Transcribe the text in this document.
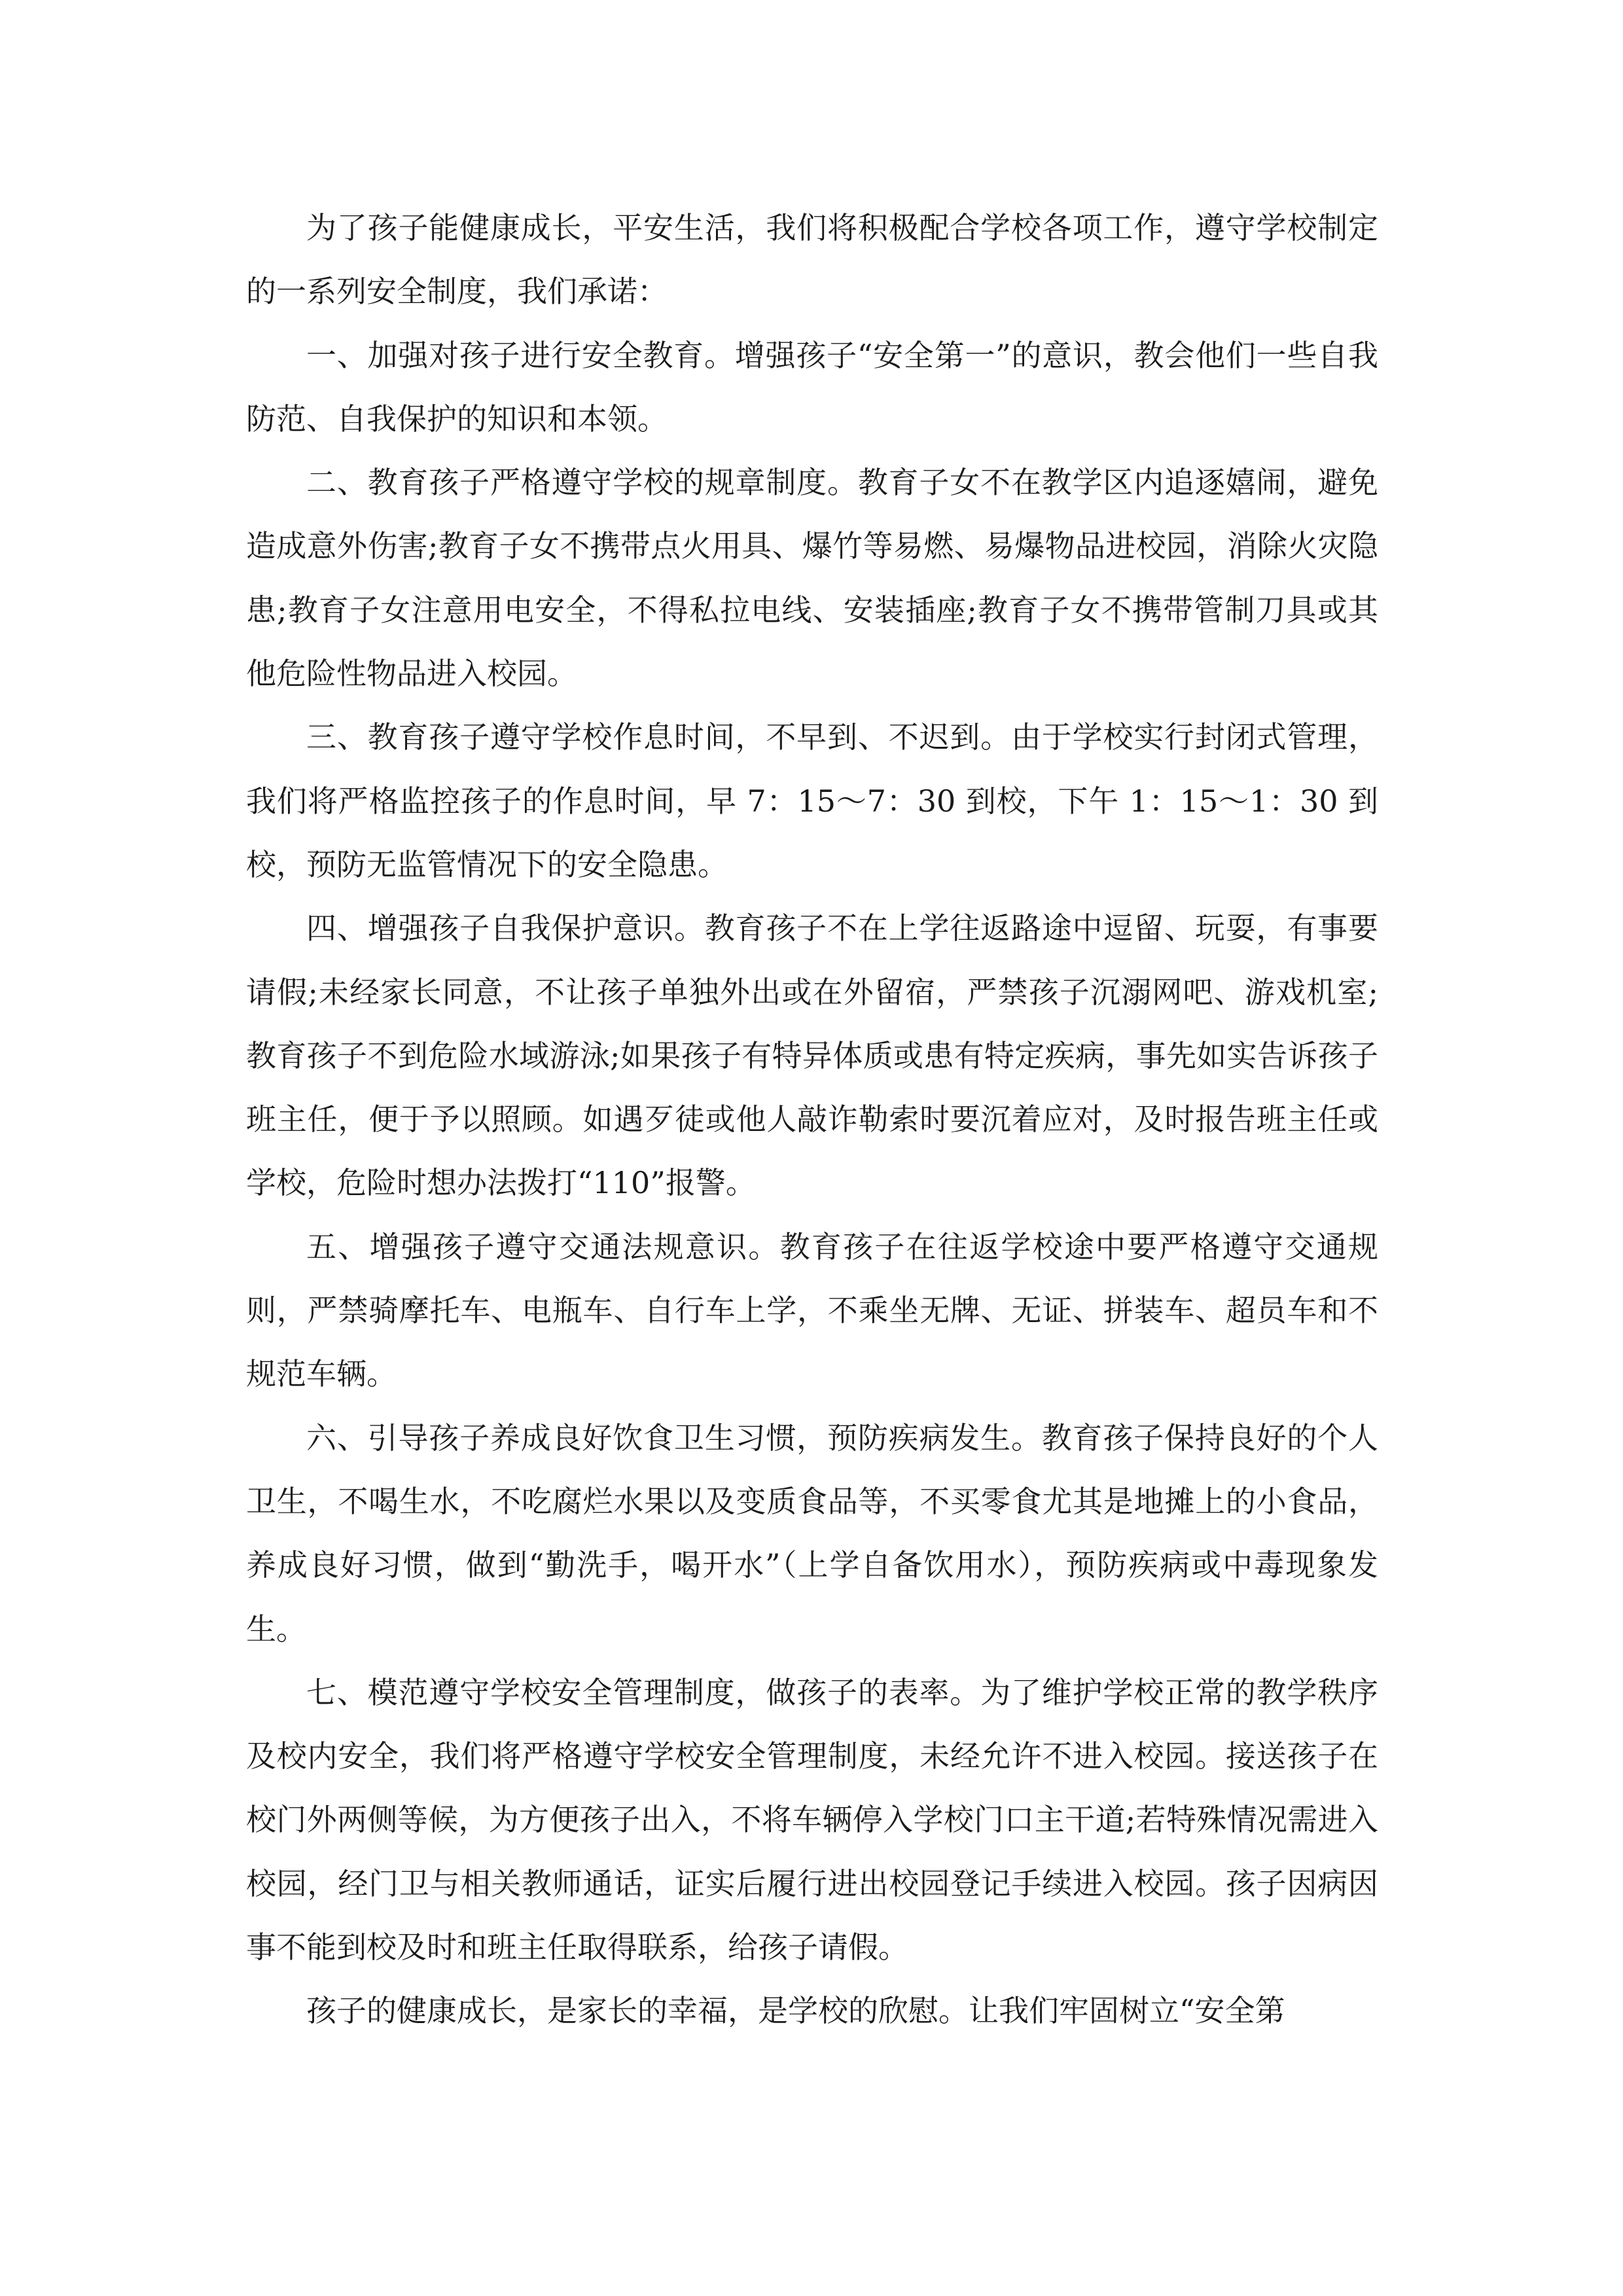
为了孩子能健康成长，平安生活，我们将积极配合学校各项工作，遵守学校制定的一系列安全制度，我们承诺：

一、加强对孩子进行安全教育。增强孩子“安全第一”的意识，教会他们一些自我防范、自我保护的知识和本领。

二、教育孩子严格遵守学校的规章制度。教育子女不在教学区内追逐嬉闹，避免造成意外伤害;教育子女不携带点火用具、爆竹等易燃、易爆物品进校园，消除火灾隐患;教育子女注意用电安全，不得私拉电线、安装插座;教育子女不携带管制刀具或其他危险性物品进入校园。

三、教育孩子遵守学校作息时间，不早到、不迟到。由于学校实行封闭式管理，我们将严格监控孩子的作息时间，早 7：15～7：30 到校，下午 1：15～1：30 到校，预防无监管情况下的安全隐患。

四、增强孩子自我保护意识。教育孩子不在上学往返路途中逗留、玩耍，有事要请假;未经家长同意，不让孩子单独外出或在外留宿，严禁孩子沉溺网吧、游戏机室;教育孩子不到危险水域游泳;如果孩子有特异体质或患有特定疾病，事先如实告诉孩子班主任，便于予以照顾。如遇歹徒或他人敲诈勒索时要沉着应对，及时报告班主任或学校，危险时想办法拨打“110”报警。

五、增强孩子遵守交通法规意识。教育孩子在往返学校途中要严格遵守交通规则，严禁骑摩托车、电瓶车、自行车上学，不乘坐无牌、无证、拼装车、超员车和不规范车辆。

六、引导孩子养成良好饮食卫生习惯，预防疾病发生。教育孩子保持良好的个人卫生，不喝生水，不吃腐烂水果以及变质食品等，不买零食尤其是地摊上的小食品，养成良好习惯，做到“勤洗手，喝开水”（上学自备饮用水），预防疾病或中毒现象发生。

七、模范遵守学校安全管理制度，做孩子的表率。为了维护学校正常的教学秩序及校内安全，我们将严格遵守学校安全管理制度，未经允许不进入校园。接送孩子在校门外两侧等候，为方便孩子出入，不将车辆停入学校门口主干道;若特殊情况需进入校园，经门卫与相关教师通话，证实后履行进出校园登记手续进入校园。孩子因病因事不能到校及时和班主任取得联系，给孩子请假。

孩子的健康成长，是家长的幸福，是学校的欣慰。让我们牢固树立“安全第
